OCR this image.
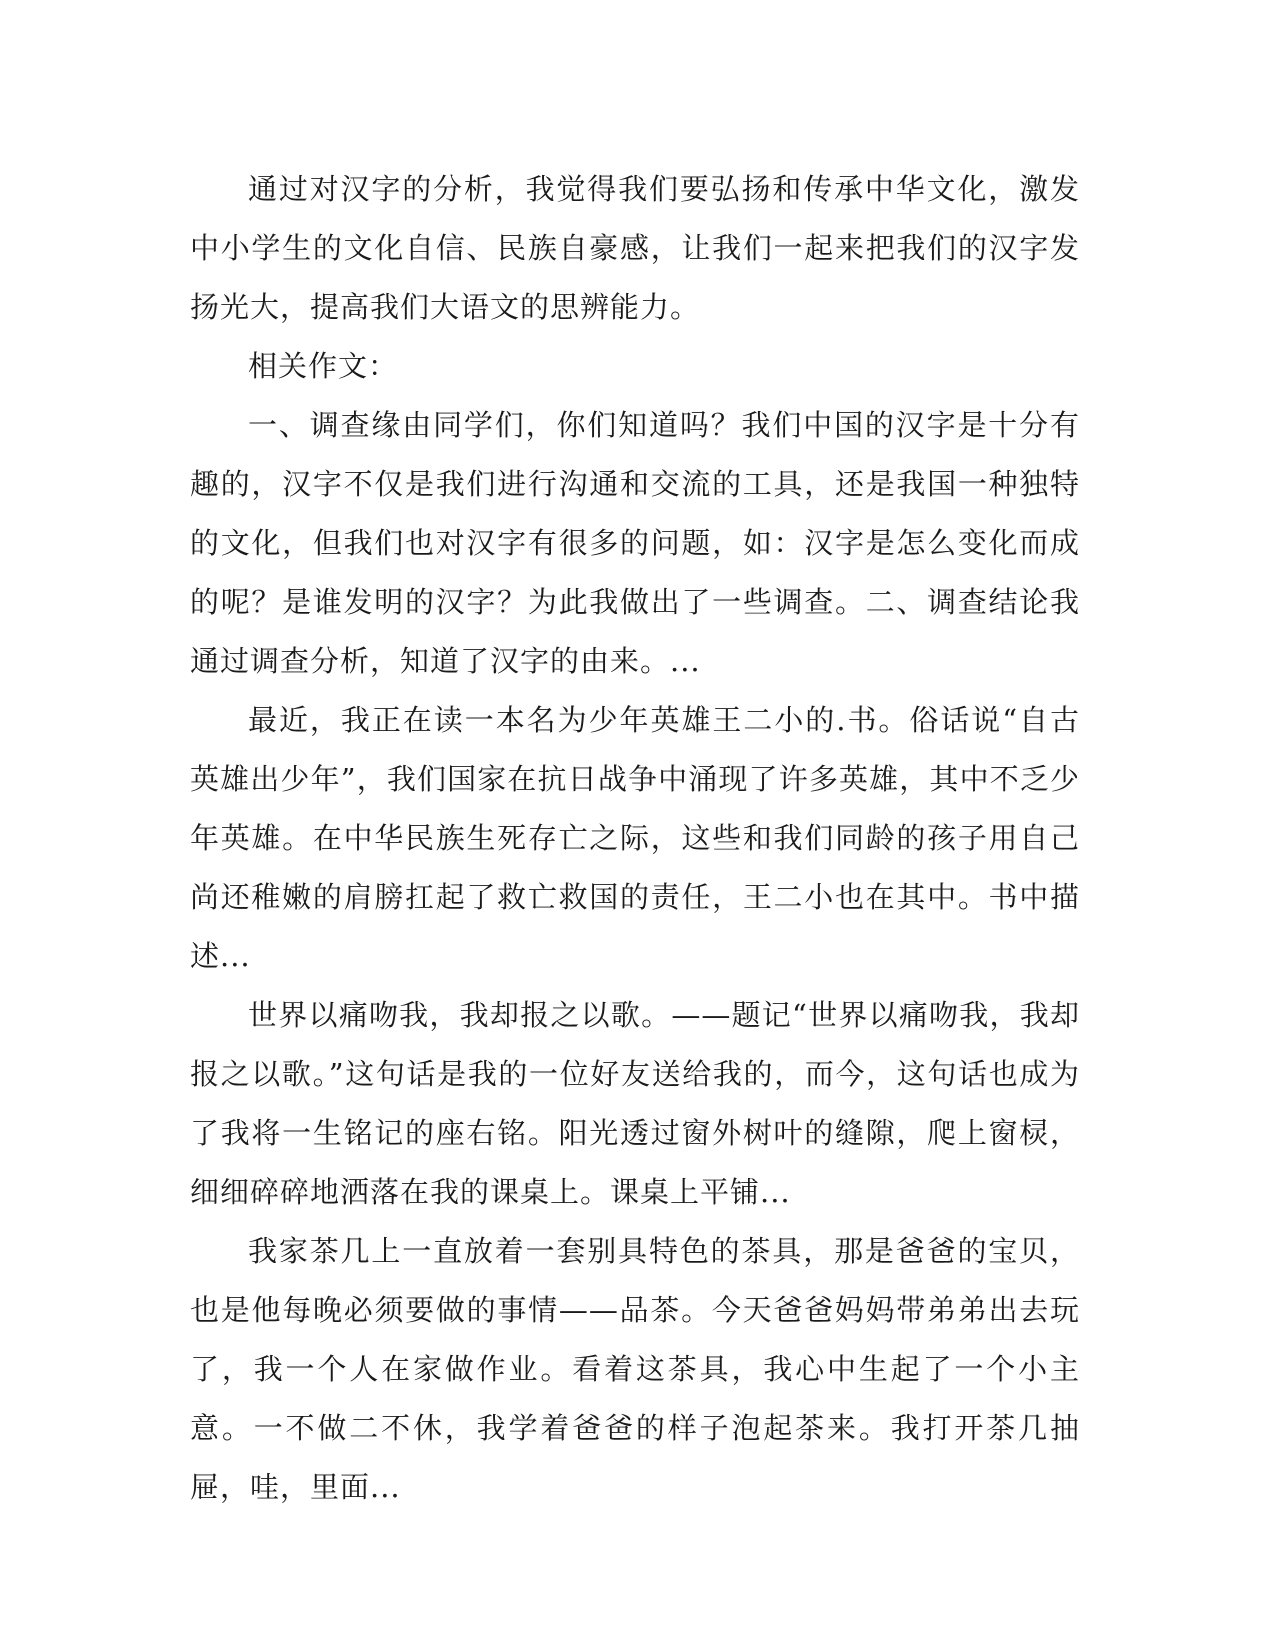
通过对汉字的分析，我觉得我们要弘扬和传承中华文化，激发中小学生的文化自信、民族自豪感，让我们一起来把我们的汉字发扬光大，提高我们大语文的思辨能力。

相关作文：

一、调查缘由同学们，你们知道吗？我们中国的汉字是十分有趣的，汉字不仅是我们进行沟通和交流的工具，还是我国一种独特的文化，但我们也对汉字有很多的问题，如：汉字是怎么变化而成的呢？是谁发明的汉字？为此我做出了一些调查。二、调查结论我通过调查分析，知道了汉字的由来。...

最近，我正在读一本名为少年英雄王二小的.书。俗话说“自古英雄出少年”，我们国家在抗日战争中涌现了许多英雄，其中不乏少年英雄。在中华民族生死存亡之际，这些和我们同龄的孩子用自己尚还稚嫩的肩膀扛起了救亡救国的责任，王二小也在其中。书中描述...

世界以痛吻我，我却报之以歌。——题记“世界以痛吻我，我却报之以歌。”这句话是我的一位好友送给我的，而今，这句话也成为了我将一生铭记的座右铭。阳光透过窗外树叶的缝隙，爬上窗棂，细细碎碎地洒落在我的课桌上。课桌上平铺...

我家茶几上一直放着一套别具特色的茶具，那是爸爸的宝贝，也是他每晚必须要做的事情——品茶。今天爸爸妈妈带弟弟出去玩了，我一个人在家做作业。看着这茶具，我心中生起了一个小主意。一不做二不休，我学着爸爸的样子泡起茶来。我打开茶几抽屉，哇，里面...
